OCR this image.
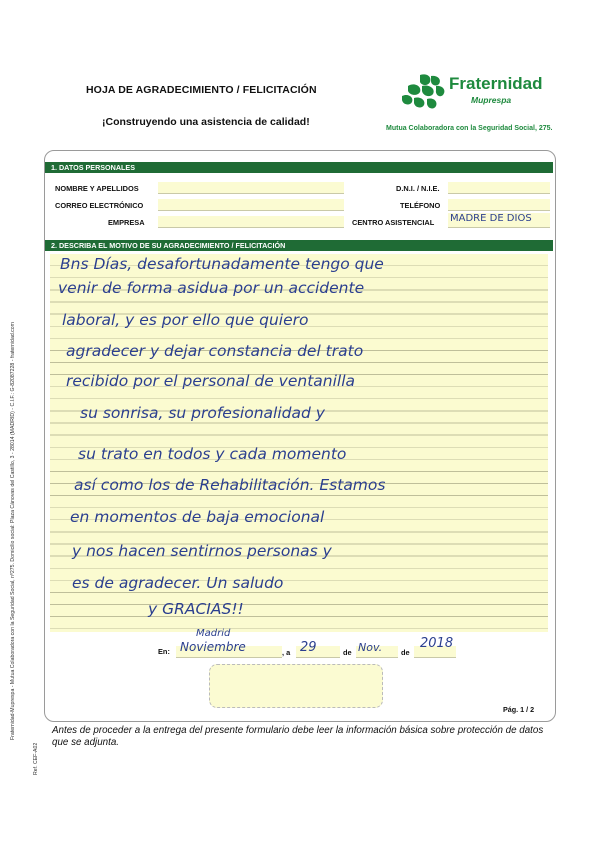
Fraternidad-Muprespa - Mutua Colaboradora con la Seguridad Social, nº275. Domicilio social: Plaza Cánovas del Castillo, 3 - 28014 (MADRID) - C.I.F.: G-82087228 - fraternidad.com
Ref. CEF-A02
HOJA DE AGRADECIMIENTO / FELICITACIÓN
¡Construyendo una asistencia de calidad!
Fraternidad
Muprespa
Mutua Colaboradora con la Seguridad Social, 275.
1. DATOS PERSONALES
NOMBRE Y APELLIDOS	D.N.I. / N.I.E.
CORREO ELECTRÓNICO	TELÉFONO
EMPRESA	CENTRO ASISTENCIAL MADRE DE DIOS
2. DESCRIBA EL MOTIVO DE SU AGRADECIMIENTO / FELICITACIÓN
Bns Días, desafortunadamente tengo que
venir de forma asidua por un accidente
laboral, y es por ello que quiero
agradecer y dejar constancia del trato
recibido por el personal de ventanilla
su sonrisa, su profesionalidad y
su trato en todos y cada momento
así como los de Rehabilitación. Estamos
en momentos de baja emocional
y nos hacen sentirnos personas y
es de agradecer. Un saludo
y GRACIAS!!
En:
Madrid
Noviembre	, a 29	de Nov.	de
2018
Pág. 1 / 2
Antes de proceder a la entrega del presente formulario debe leer la información básica sobre protección de datos que se adjunta.
